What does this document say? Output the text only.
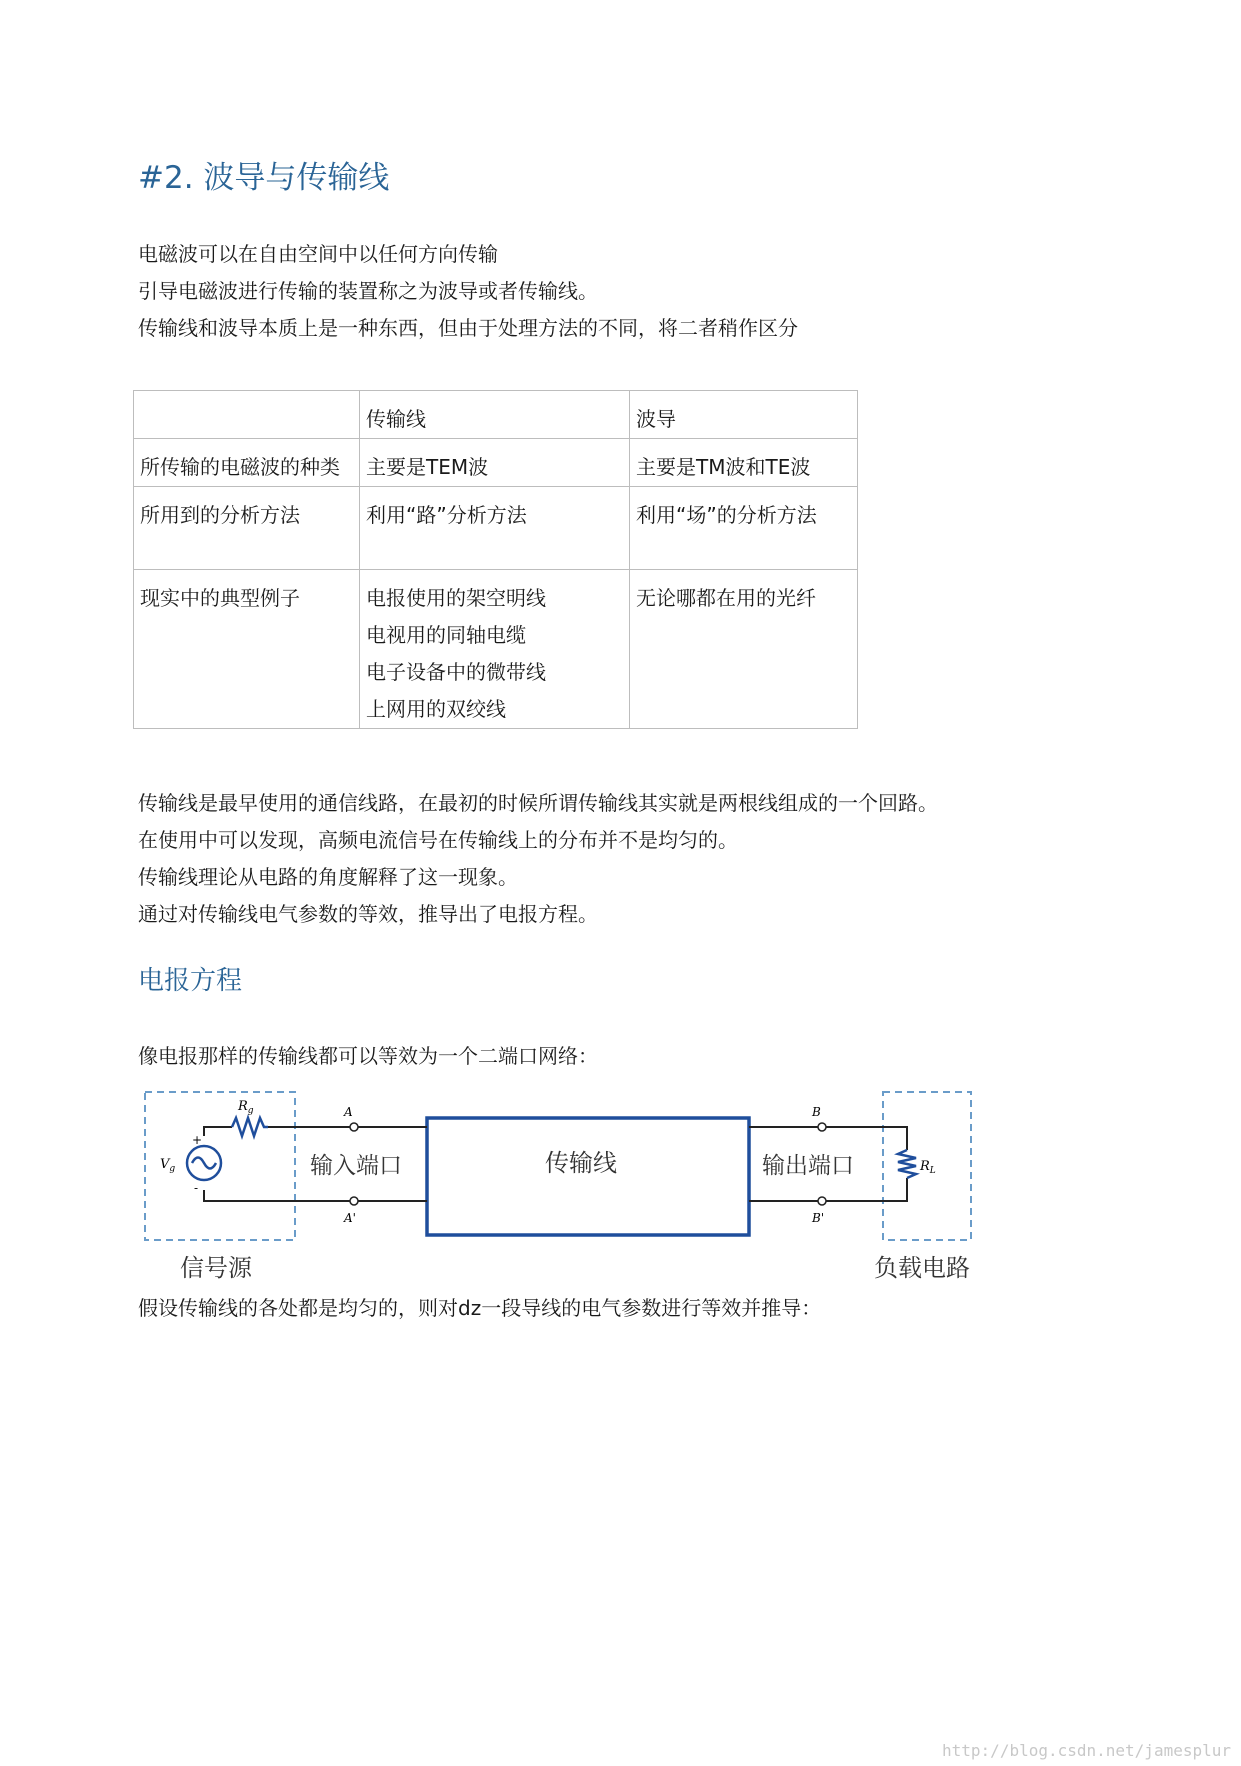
#2. 波导与传输线
电磁波可以在自由空间中以任何方向传输
引导电磁波进行传输的装置称之为波导或者传输线。
传输线和波导本质上是一种东西，但由于处理方法的不同，将二者稍作区分
	传输线	波导
所传输的电磁波的种类	主要是TEM波	主要是TM波和TE波

所用到的分析方法	利用“路”分析方法	利用“场”的分析方法

现实中的典型例子	电报使用的架空明线
电视用的同轴电缆
电子设备中的微带线
上网用的双绞线	无论哪都在用的光纤
传输线是最早使用的通信线路，在最初的时候所谓传输线其实就是两根线组成的一个回路。
在使用中可以发现，高频电流信号在传输线上的分布并不是均匀的。
传输线理论从电路的角度解释了这一现象。
通过对传输线电气参数的等效，推导出了电报方程。
电报方程
像电报那样的传输线都可以等效为一个二端口网络：
A
A'
B
B'
$R_g$
$V_g$	$R_L$
+
-
输入端口	传输线	输出端口
信号源	负载电路
假设传输线的各处都是均匀的，则对dz一段导线的电气参数进行等效并推导：
http://blog.csdn.net/jamesplur
